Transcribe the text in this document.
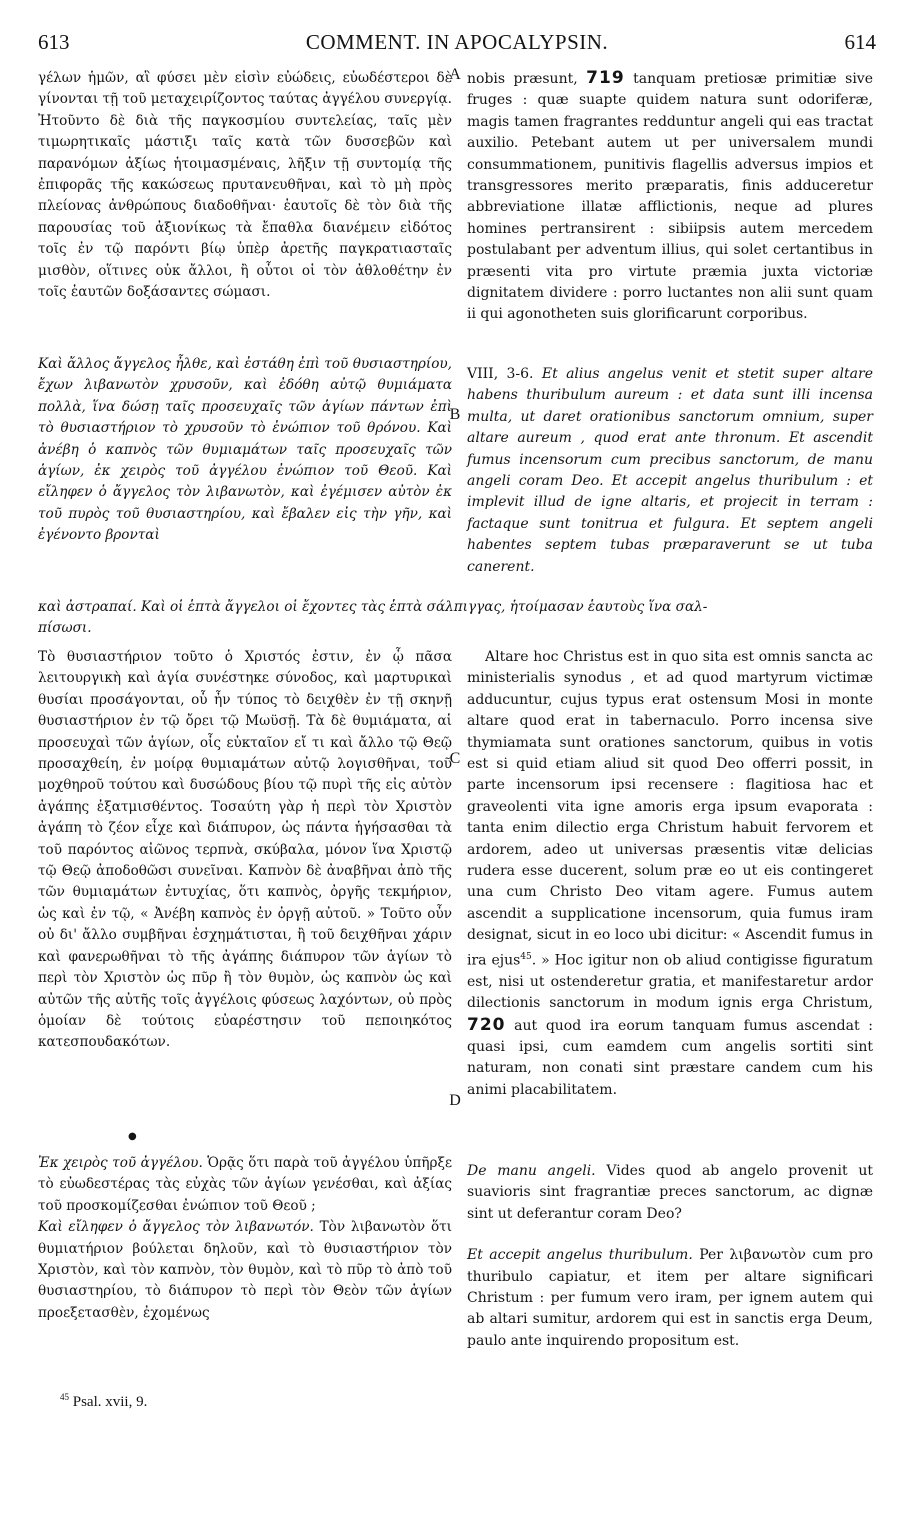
613	COMMENT. IN APOCALYPSIN.	614
A
B
C
D

γέλων ἡμῶν, αἳ φύσει μὲν εἰσὶν εὐώδεις, εὐωδέστεροι δὲ γίνονται τῇ τοῦ μεταχειρίζοντος ταύτας ἀγγέλου συνεργίᾳ. Ἠτοῦντο δὲ διὰ τῆς παγκοσμίου συντελείας, ταῖς μὲν τιμωρητικαῖς μάστιξι ταῖς κατὰ τῶν δυσσεβῶν καὶ παρανόμων ἀξίως ἡτοιμασμέναις, λῆξιν τῇ συντομίᾳ τῆς ἐπιφορᾶς τῆς κακώσεως πρυτανευθῆναι, καὶ τὸ μὴ πρὸς πλείονας ἀνθρώπους διαδοθῆναι· ἑαυτοῖς δὲ τὸν διὰ τῆς παρουσίας τοῦ ἀξιονίκως τὰ ἔπαθλα διανέμειν εἰδότος τοῖς ἐν τῷ παρόντι βίῳ ὑπὲρ ἀρετῆς παγκρατιασταῖς μισθὸν, οἵτινες οὐκ ἄλλοι, ἢ οὗτοι οἱ τὸν ἀθλοθέτην ἐν τοῖς ἑαυτῶν δοξάσαντες σώμασι.

Καὶ ἄλλος ἄγγελος ἦλθε, καὶ ἐστάθη ἐπὶ τοῦ θυσιαστηρίου, ἔχων λιβανωτὸν χρυσοῦν, καὶ ἐδόθη αὐτῷ θυμιάματα πολλὰ, ἵνα δώσῃ ταῖς προσευχαῖς τῶν ἁγίων πάντων ἐπὶ τὸ θυσιαστήριον τὸ χρυσοῦν τὸ ἐνώπιον τοῦ θρόνου. Καὶ ἀνέβη ὁ καπνὸς τῶν θυμιαμάτων ταῖς προσευχαῖς τῶν ἁγίων, ἐκ χειρὸς τοῦ ἀγγέλου ἐνώπιον τοῦ Θεοῦ. Καὶ εἴληφεν ὁ ἄγγελος τὸν λιβανωτὸν, καὶ ἐγέμισεν αὐτὸν ἐκ τοῦ πυρὸς τοῦ θυσιαστηρίου, καὶ ἔβαλεν εἰς τὴν γῆν, καὶ ἐγένοντο βρονταὶ

καὶ ἀστραπαί. Καὶ οἱ ἑπτὰ ἄγγελοι οἱ ἔχοντες τὰς ἑπτὰ σάλπιγγας, ἡτοίμασαν ἑαυτοὺς ἵνα σαλ-
πίσωσι.

nobis præsunt, 719 tanquam pretiosæ primitiæ sive fruges : quæ suapte quidem natura sunt odoriferæ, magis tamen fragrantes redduntur angeli qui eas tractat auxilio. Petebant autem ut per universalem mundi consummationem, punitivis flagellis adversus impios et transgressores merito præparatis, finis adduceretur abbreviatione illatæ afflictionis, neque ad plures homines pertransirent : sibiipsis autem mercedem postulabant per adventum illius, qui solet certantibus in præsenti vita pro virtute præmia juxta victoriæ dignitatem dividere : porro luctantes non alii sunt quam ii qui agonotheten suis glorificarunt corporibus.

VIII, 3-6. Et alius angelus venit et stetit super altare habens thuribulum aureum : et data sunt illi incensa multa, ut daret orationibus sanctorum omnium, super altare aureum , quod erat ante thronum. Et ascendit fumus incensorum cum precibus sanctorum, de manu angeli coram Deo. Et accepit angelus thuribulum : et implevit illud de igne altaris, et projecit in terram : factaque sunt tonitrua et fulgura. Et septem angeli habentes septem tubas præparaverunt se ut tuba canerent.

Τὸ θυσιαστήριον τοῦτο ὁ Χριστός ἐστιν, ἐν ᾧ πᾶσα λειτουργικὴ καὶ ἁγία συνέστηκε σύνοδος, καὶ μαρτυρικαὶ θυσίαι προσάγονται, οὗ ἦν τύπος τὸ δειχθὲν ἐν τῇ σκηνῇ θυσιαστήριον ἐν τῷ ὄρει τῷ Μωϋσῇ. Τὰ δὲ θυμιάματα, αἱ προσευχαὶ τῶν ἁγίων, οἷς εὐκταῖον εἴ τι καὶ ἄλλο τῷ Θεῷ προσαχθείη, ἐν μοίρᾳ θυμιαμάτων αὐτῷ λογισθῆναι, τοῦ μοχθηροῦ τούτου καὶ δυσώδους βίου τῷ πυρὶ τῆς εἰς αὐτὸν ἀγάπης ἐξατμισθέντος. Τοσαύτη γὰρ ἡ περὶ τὸν Χριστὸν ἀγάπη τὸ ζέον εἶχε καὶ διάπυρον, ὡς πάντα ἡγήσασθαι τὰ τοῦ παρόντος αἰῶνος τερπνὰ, σκύβαλα, μόνον ἵνα Χριστῷ τῷ Θεῷ ἀποδοθῶσι συνεῖναι. Καπνὸν δὲ ἀναβῆναι ἀπὸ τῆς τῶν θυμιαμάτων ἐντυχίας, ὅτι καπνὸς, ὀργῆς τεκμήριον, ὡς καὶ ἐν τῷ, « Ἀνέβη καπνὸς ἐν ὀργῇ αὐτοῦ. » Τοῦτο οὖν οὐ δι' ἄλλο συμβῆναι ἐσχημάτισται, ἢ τοῦ δειχθῆναι χάριν καὶ φανερωθῆναι τὸ τῆς ἀγάπης διάπυρον τῶν ἁγίων τὸ περὶ τὸν Χριστὸν ὡς πῦρ ἢ τὸν θυμὸν, ὡς καπνὸν ὡς καὶ αὐτῶν τῆς αὐτῆς τοῖς ἀγγέλοις φύσεως λαχόντων, οὐ πρὸς ὁμοίαν δὲ τούτοις εὐαρέστησιν τοῦ πεποιηκότος κατεσπουδακότων.

Ἐκ χειρὸς τοῦ ἀγγέλου. Ὁρᾷς ὅτι παρὰ τοῦ ἀγγέλου ὑπῆρξε τὸ εὐωδεστέρας τὰς εὐχὰς τῶν ἁγίων γενέσθαι, καὶ ἀξίας τοῦ προσκομίζεσθαι ἐνώπιον τοῦ Θεοῦ ;

Καὶ εἴληφεν ὁ ἄγγελος τὸν λιβανωτόν. Τὸν λιβανωτὸν ὅτι θυμιατήριον βούλεται δηλοῦν, καὶ τὸ θυσιαστήριον τὸν Χριστὸν, καὶ τὸν καπνὸν, τὸν θυμὸν, καὶ τὸ πῦρ τὸ ἀπὸ τοῦ θυσιαστηρίου, τὸ διάπυρον τὸ περὶ τὸν Θεὸν τῶν ἁγίων προεξετασθὲν, ἐχομένως

●

Altare hoc Christus est in quo sita est omnis sancta ac ministerialis synodus , et ad quod martyrum victimæ adducuntur, cujus typus erat ostensum Mosi in monte altare quod erat in tabernaculo. Porro incensa sive thymiamata sunt orationes sanctorum, quibus in votis est si quid etiam aliud sit quod Deo offerri possit, in parte incensorum ipsi recensere : flagitiosa hac et graveolenti vita igne amoris erga ipsum evaporata : tanta enim dilectio erga Christum habuit fervorem et ardorem, adeo ut universas præsentis vitæ delicias rudera esse ducerent, solum præ eo ut eis contingeret una cum Christo Deo vitam agere. Fumus autem ascendit a supplicatione incensorum, quia fumus iram designat, sicut in eo loco ubi dicitur: « Ascendit fumus in ira ejus$^{45}$. » Hoc igitur non ob aliud contigisse figuratum est, nisi ut ostenderetur gratia, et manifestaretur ardor dilectionis sanctorum in modum ignis erga Christum, 720 aut quod ira eorum tanquam fumus ascendat : quasi ipsi, cum eamdem cum angelis sortiti sint naturam, non conati sint præstare candem cum his animi placabilitatem.

De manu angeli. Vides quod ab angelo provenit ut suavioris sint fragrantiæ preces sanctorum, ac dignæ sint ut deferantur coram Deo?

Et accepit angelus thuribulum. Per λιβανωτὸν cum pro thuribulo capiatur, et item per altare significari Christum : per fumum vero iram, per ignem autem qui ab altari sumitur, ardorem qui est in sanctis erga Deum, paulo ante inquirendo propositum est.

$^{45}$ Psal. xvii, 9.
